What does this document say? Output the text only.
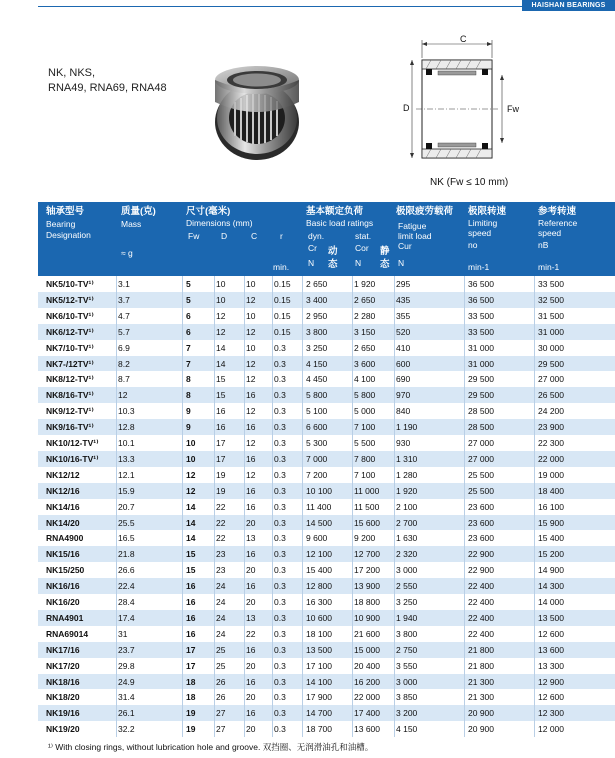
HAISHAN BEARINGS
NK, NKS,
RNA49, RNA69, RNA48
C
D	Fw
NK (Fw ≤ 10 mm)
轴承型号
Bearing
Designation
质量(克)
Mass
≈ g
尺寸(毫米)
Dimensions (mm)
Fw	D	C	r
min.
基本额定负荷
Basic load ratings
dyn.	stat.
Cr	Cor
动	静
N	N
态	态
极限疲劳载荷
Fatigue
limit load
Cur
N
极限转速
Limiting
speed
no
min-1
参考转速
Reference
speed
nB
min-1
NK5/10-TV¹⁾	3.1	5	10	10	0.15	2 650	1 920	295	36 500	33 500
NK5/12-TV¹⁾	3.7	5	10	12	0.15	3 400	2 650	435	36 500	32 500
NK6/10-TV¹⁾	4.7	6	12	10	0.15	2 950	2 280	355	33 500	31 500
NK6/12-TV¹⁾	5.7	6	12	12	0.15	3 800	3 150	520	33 500	31 000
NK7/10-TV¹⁾	6.9	7	14	10	0.3	3 250	2 650	410	31 000	30 000
NK7-/12TV¹⁾	8.2	7	14	12	0.3	4 150	3 600	600	31 000	29 500
NK8/12-TV¹⁾	8.7	8	15	12	0.3	4 450	4 100	690	29 500	27 000
NK8/16-TV¹⁾	12	8	15	16	0.3	5 800	5 800	970	29 500	26 500
NK9/12-TV¹⁾	10.3	9	16	12	0.3	5 100	5 000	840	28 500	24 200
NK9/16-TV¹⁾	12.8	9	16	16	0.3	6 600	7 100	1 190	28 500	23 900
NK10/12-TV¹⁾	10.1	10	17	12	0.3	5 300	5 500	930	27 000	22 300
NK10/16-TV¹⁾	13.3	10	17	16	0.3	7 000	7 800	1 310	27 000	22 000
NK12/12	12.1	12	19	12	0.3	7 200	7 100	1 280	25 500	19 000
NK12/16	15.9	12	19	16	0.3	10 100	11 000	1 920	25 500	18 400
NK14/16	20.7	14	22	16	0.3	11 400	11 500	2 100	23 600	16 100
NK14/20	25.5	14	22	20	0.3	14 500	15 600	2 700	23 600	15 900
RNA4900	16.5	14	22	13	0.3	9 600	9 200	1 630	23 600	15 400
NK15/16	21.8	15	23	16	0.3	12 100	12 700	2 320	22 900	15 200
NK15/250	26.6	15	23	20	0.3	15 400	17 200	3 000	22 900	14 900
NK16/16	22.4	16	24	16	0.3	12 800	13 900	2 550	22 400	14 300
NK16/20	28.4	16	24	20	0.3	16 300	18 800	3 250	22 400	14 000
RNA4901	17.4	16	24	13	0.3	10 600	10 900	1 940	22 400	13 500
RNA69014	31	16	24	22	0.3	18 100	21 600	3 800	22 400	12 600
NK17/16	23.7	17	25	16	0.3	13 500	15 000	2 750	21 800	13 600
NK17/20	29.8	17	25	20	0.3	17 100	20 400	3 550	21 800	13 300
NK18/16	24.9	18	26	16	0.3	14 100	16 200	3 000	21 300	12 900
NK18/20	31.4	18	26	20	0.3	17 900	22 000	3 850	21 300	12 600
NK19/16	26.1	19	27	16	0.3	14 700	17 400	3 200	20 900	12 300
NK19/20	32.2	19	27	20	0.3	18 700	13 600	4 150	20 900	12 000
¹⁾ With closing rings, without lubrication hole and groove. 双挡圈、无润滑油孔和油槽。
